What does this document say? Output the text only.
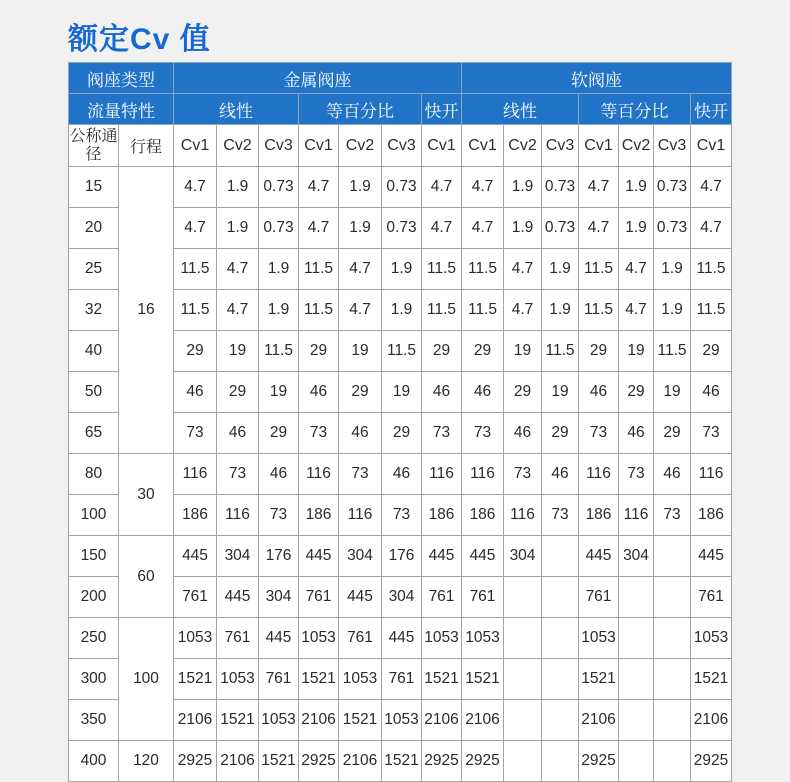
额定Cv 值
阀座类型		金属阀座							软阀座						
流量特性		线性			等百分比			快开	线性			等百分比			快开
公称通径	行程	Cv1	Cv2	Cv3	Cv1	Cv2	Cv3	Cv1	Cv1	Cv2	Cv3	Cv1	Cv2	Cv3	Cv1
15	16	4.7	1.9	0.73	4.7	1.9	0.73	4.7	4.7	1.9	0.73	4.7	1.9	0.73	4.7
20		4.7	1.9	0.73	4.7	1.9	0.73	4.7	4.7	1.9	0.73	4.7	1.9	0.73	4.7
25		11.5	4.7	1.9	11.5	4.7	1.9	11.5	11.5	4.7	1.9	11.5	4.7	1.9	11.5
32		11.5	4.7	1.9	11.5	4.7	1.9	11.5	11.5	4.7	1.9	11.5	4.7	1.9	11.5
40		29	19	11.5	29	19	11.5	29	29	19	11.5	29	19	11.5	29
50		46	29	19	46	29	19	46	46	29	19	46	29	19	46
65		73	46	29	73	46	29	73	73	46	29	73	46	29	73
80	30	116	73	46	116	73	46	116	116	73	46	116	73	46	116
100		186	116	73	186	116	73	186	186	116	73	186	116	73	186
150	60	445	304	176	445	304	176	445	445	304		445	304		445
200		761	445	304	761	445	304	761	761			761			761
250	100	1053	761	445	1053	761	445	1053	1053			1053			1053
300		1521	1053	761	1521	1053	761	1521	1521			1521			1521
350		2106	1521	1053	2106	1521	1053	2106	2106			2106			2106
400	120	2925	2106	1521	2925	2106	1521	2925	2925			2925			2925
